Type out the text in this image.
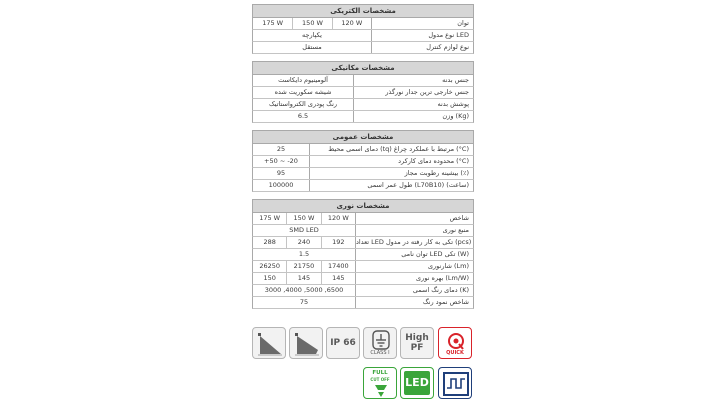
مشخصات الکتریکی
175 W	150 W	120 W	توان
یکپارچه	نوع مدول LED
مستقل	نوع لوازم کنترل
مشخصات مکانیکی
آلومینیوم دایکاست	جنس بدنه
شیشه سکوریت شده	جنس خارجی ترین جدار نورگذر
رنگ پودری الکترواستاتیک	پوشش بدنه
6.5	وزن (Kg)
مشخصات عمومی
25	دمای اسمی محیط (tq) مرتبط با عملکرد چراغ (°C)
+50 ~ -20	محدوده دمای کارکرد (°C)
95	بیشینه رطوبت مجاز (٪)
100000	طول عمر اسمی (L70B10) (ساعت)
مشخصات نوری
175 W	150 W	120 W	شاخص
SMD LED	منبع نوری
288	240	192	تعداد LED تکی به کار رفته در مدول (pcs)
1.5	توان نامی LED تکی (W)
26250	21750	17400	شارنوری (Lm)
150	145	145	بهره نوری (Lm/W)
3000 ,4000 ,5000 ,6500	دمای رنگ اسمی (K)
75	شاخص نمود رنگ
IP 66
CLASS I
High
PF	QUICK
FULL
CUT OFF	LED
